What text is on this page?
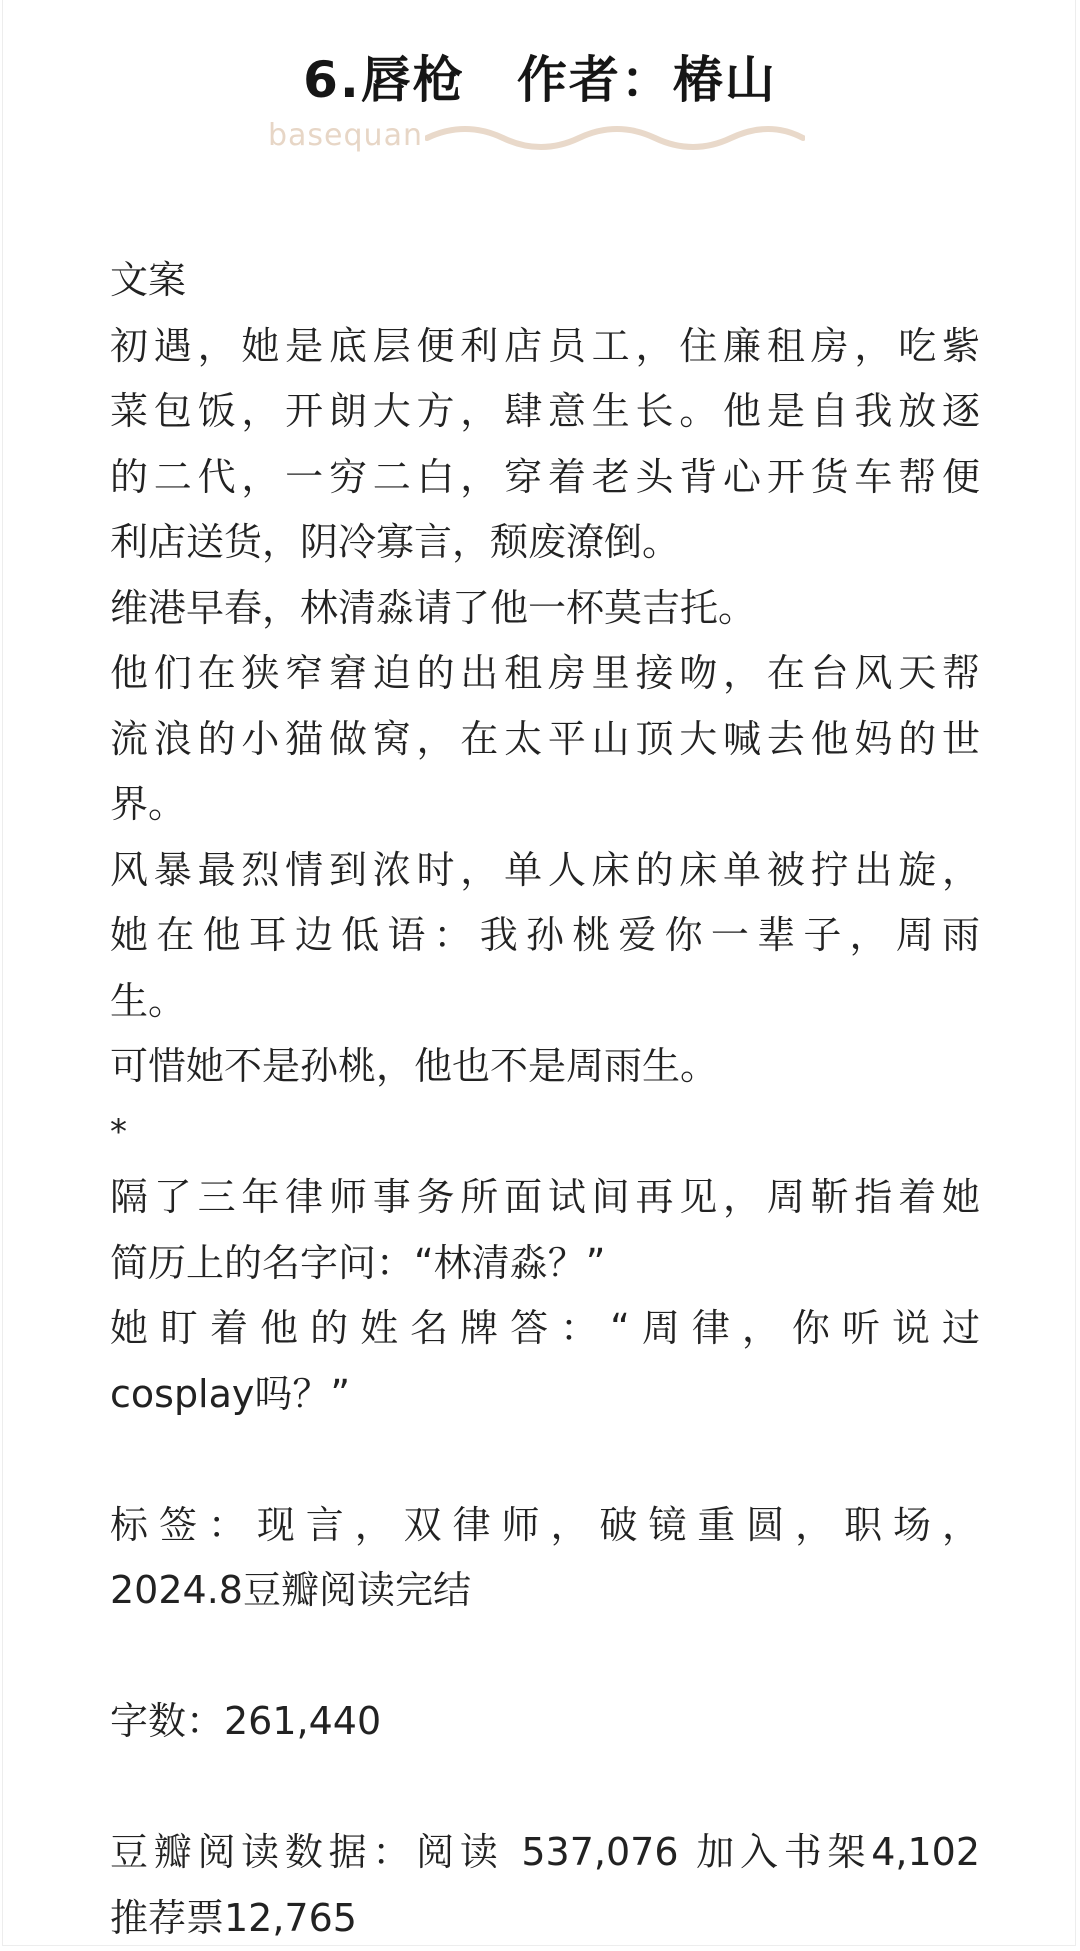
6.唇枪　作者：椿山
basequan
文案
初遇，她是底层便利店员工，住廉租房，吃紫
菜包饭，开朗大方，肆意生长。他是自我放逐
的二代，一穷二白，穿着老头背心开货车帮便
利店送货，阴冷寡言，颓废潦倒。
维港早春，林清淼请了他一杯莫吉托。
他们在狭窄窘迫的出租房里接吻，在台风天帮
流浪的小猫做窝，在太平山顶大喊去他妈的世
界。
风暴最烈情到浓时，单人床的床单被拧出旋，
她在他耳边低语：我孙桃爱你一辈子，周雨
生。
可惜她不是孙桃，他也不是周雨生。
*
隔了三年律师事务所面试间再见，周靳指着她
简历上的名字问：“林清淼？”
她盯着他的姓名牌答：“周律，你听说过
cosplay吗？”
标签：现言，双律师，破镜重圆，职场，
2024.8豆瓣阅读完结
字数：261,440
豆瓣阅读数据：阅读 537,076 加入书架4,102
推荐票12,765
